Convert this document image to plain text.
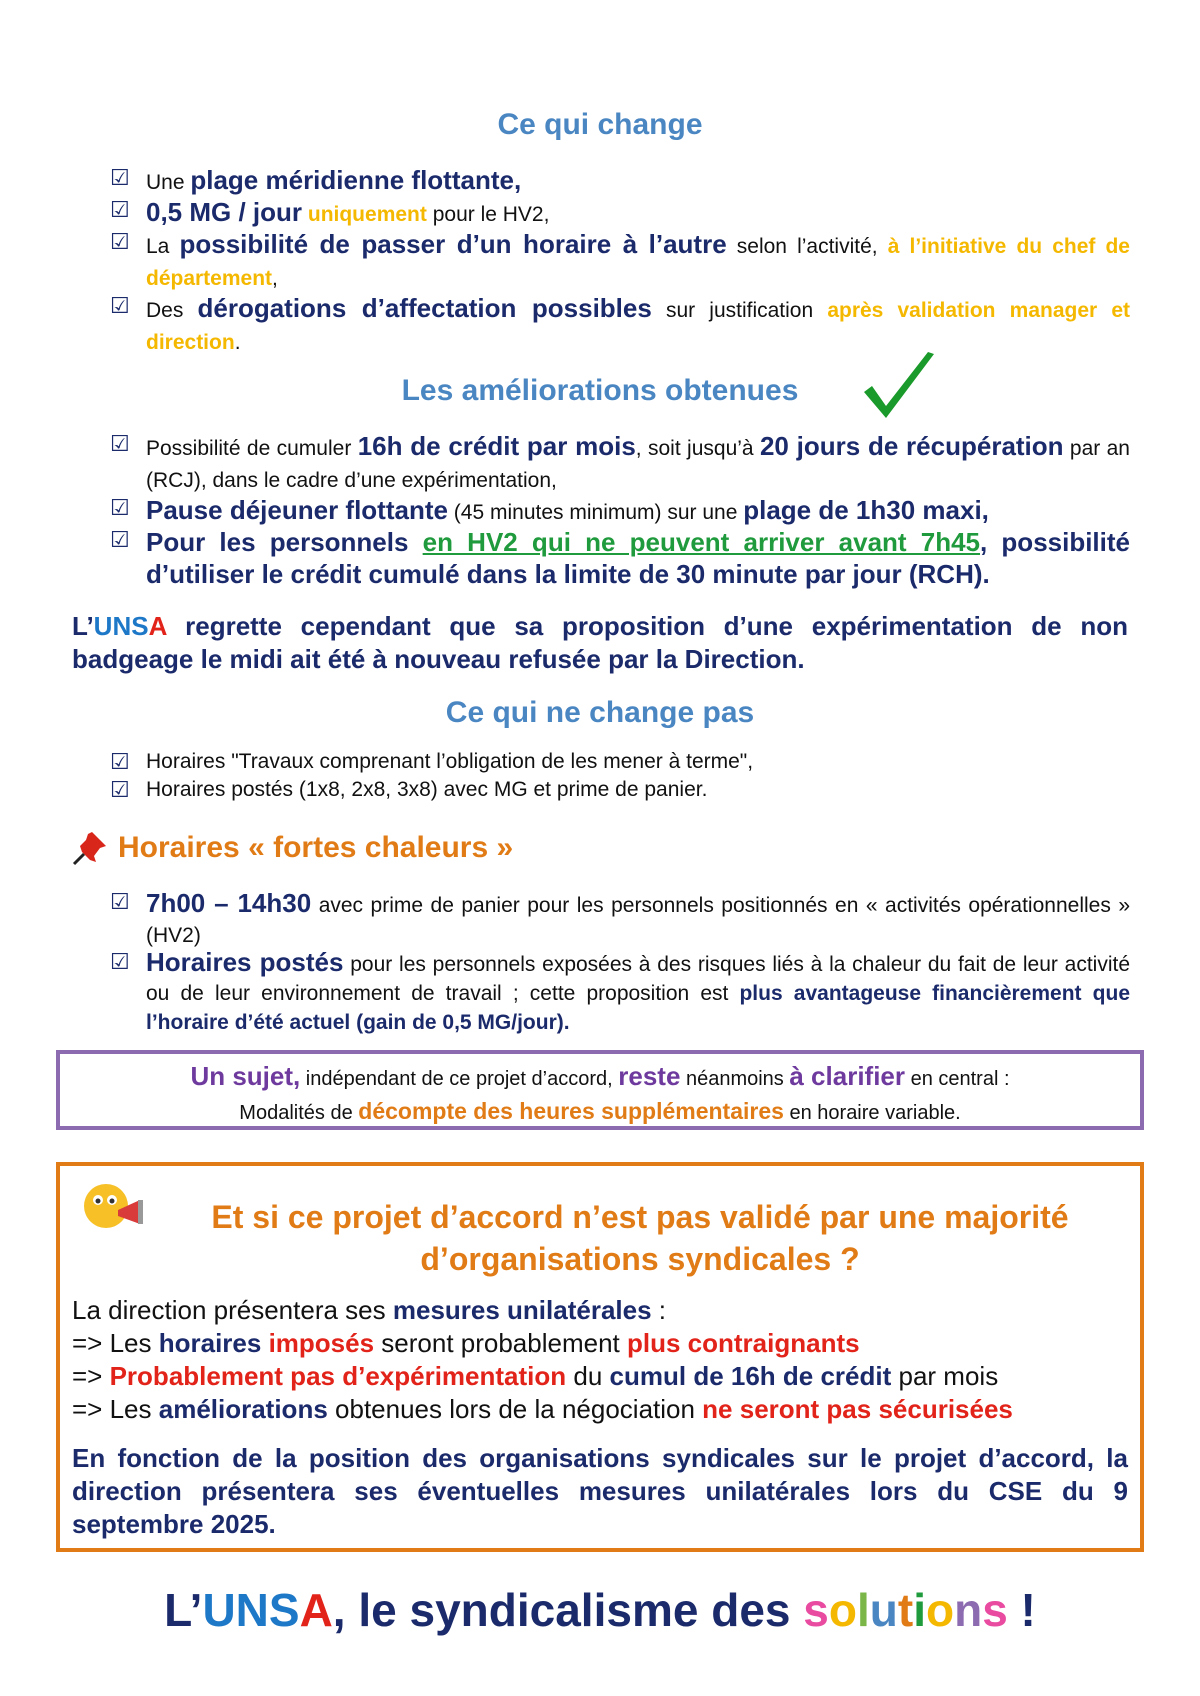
Ce qui change
☑ Une plage méridienne flottante,
☑ 0,5 MG / jour uniquement pour le HV2,
☑ La possibilité de passer d’un horaire à l’autre selon l’activité, à l’initiative du chef de département,
☑ Des dérogations d’affectation possibles sur justification après validation manager et direction.
Les améliorations obtenues
☑ Possibilité de cumuler 16h de crédit par mois, soit jusqu’à 20 jours de récupération par an (RCJ), dans le cadre d’une expérimentation,
☑ Pause déjeuner flottante (45 minutes minimum) sur une plage de 1h30 maxi,
☑ Pour les personnels en HV2 qui ne peuvent arriver avant 7h45, possibilité d’utiliser le crédit cumulé dans la limite de 30 minute par jour (RCH).
L’UNSA regrette cependant que sa proposition d’une expérimentation de non badgeage le midi ait été à nouveau refusée par la Direction.
Ce qui ne change pas
☑ Horaires "Travaux comprenant l’obligation de les mener à terme",
☑ Horaires postés (1x8, 2x8, 3x8) avec MG et prime de panier.
Horaires « fortes chaleurs »
☑ 7h00 – 14h30 avec prime de panier pour les personnels positionnés en « activités opérationnelles » (HV2)
☑ Horaires postés pour les personnels exposées à des risques liés à la chaleur du fait de leur activité ou de leur environnement de travail ; cette proposition est plus avantageuse financièrement que l’horaire d’été actuel (gain de 0,5 MG/jour).
Un sujet, indépendant de ce projet d’accord, reste néanmoins à clarifier en central :
Modalités de décompte des heures supplémentaires en horaire variable.
Et si ce projet d’accord n’est pas validé par une majorité d’organisations syndicales ?
La direction présentera ses mesures unilatérales :
=> Les horaires imposés seront probablement plus contraignants
=> Probablement pas d’expérimentation du cumul de 16h de crédit par mois
=> Les améliorations obtenues lors de la négociation ne seront pas sécurisées
En fonction de la position des organisations syndicales sur le projet d’accord, la direction présentera ses éventuelles mesures unilatérales lors du CSE du 9 septembre 2025.
L’UNSA, le syndicalisme des solutions !
